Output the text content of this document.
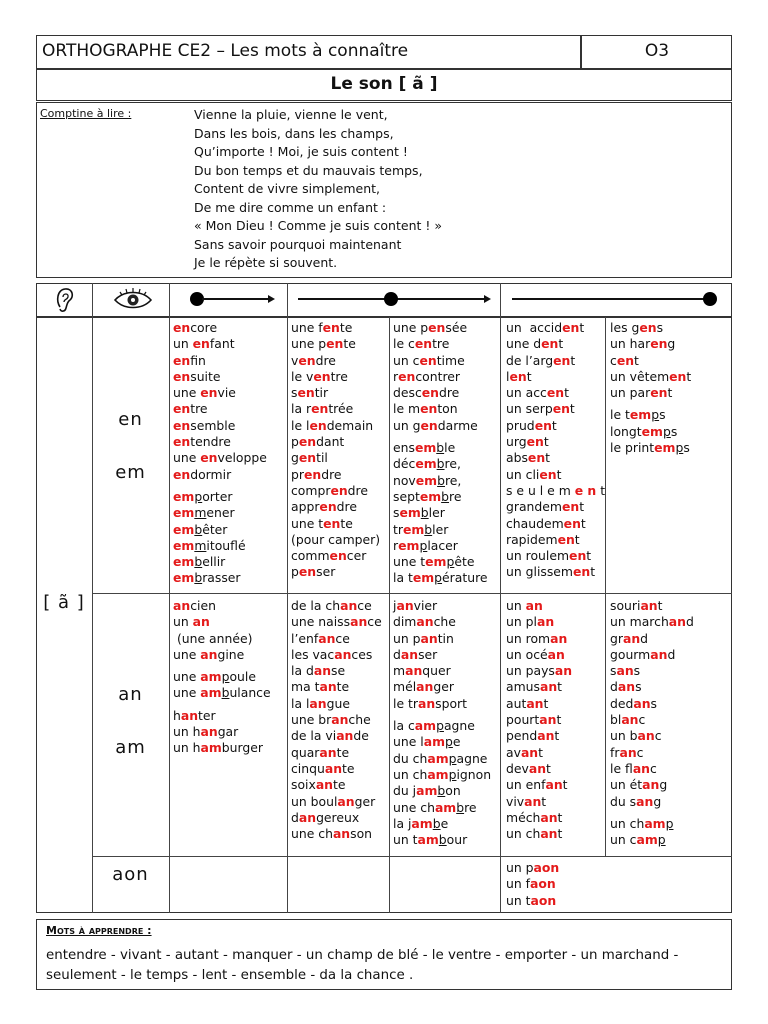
ORTHOGRAPHE CE2 – Les mots à connaître	O3
Le son [ ã ]
Comptine à lire :	Vienne la pluie, vienne le vent,
Dans les bois, dans les champs,
Qu’importe ! Moi, je suis content !
Du bon temps et du mauvais temps,
Content de vivre simplement,
De me dire comme un enfant :
« Mon Dieu ! Comme je suis content ! »
Sans savoir pourquoi maintenant
Je le répète si souvent.
[ ã ]
en
em
an
am
aon
encore
un enfant
enfin
ensuite
une envie
entre
ensemble
entendre
une enveloppe
endormir
emporter
emmener
embêter
emmitouflé
embellir
embrasser
une fente
une pente
vendre
le ventre
sentir
la rentrée
le lendemain
pendant
gentil
prendre
comprendre
apprendre
une tente
(pour camper)
commencer
penser
une pensée
le centre
un centime
rencontrer
descendre
le menton
un gendarme
ensemble
décembre,
novembre,
septembre
sembler
trembler
remplacer
une tempête
la température
un  accident
une dent
de l’argent
lent
un accent
un serpent
prudent
urgent
absent
un client
s e u l e m e n t
grandement
chaudement
rapidement
un roulement
un glissement
les gens
un hareng
cent
un vêtement
un parent
le temps
longtemps
le printemps
ancien
un an
(une année)
une angine
une ampoule
une ambulance
hanter
un hangar
un hamburger
de la chance
une naissance
l’enfance
les vacances
la danse
ma tante
la langue
une branche
de la viande
quarante
cinquante
soixante
un boulanger
dangereux
une chanson
janvier
dimanche
un pantin
danser
manquer
mélanger
le transport
la campagne
une lampe
du champagne
un champignon
du jambon
une chambre
la jambe
un tambour
un an
un plan
un roman
un océan
un paysan
amusant
autant
pourtant
pendant
avant
devant
un enfant
vivant
méchant
un chant
souriant
un marchand
grand
gourmand
sans
dans
dedans
blanc
un banc
franc
le flanc
un étang
du sang
un champ
un camp
un paon
un faon
un taon
Mots à apprendre :
entendre - vivant - autant - manquer - un champ de blé - le ventre - emporter - un marchand -
seulement - le temps - lent - ensemble - da la chance .
